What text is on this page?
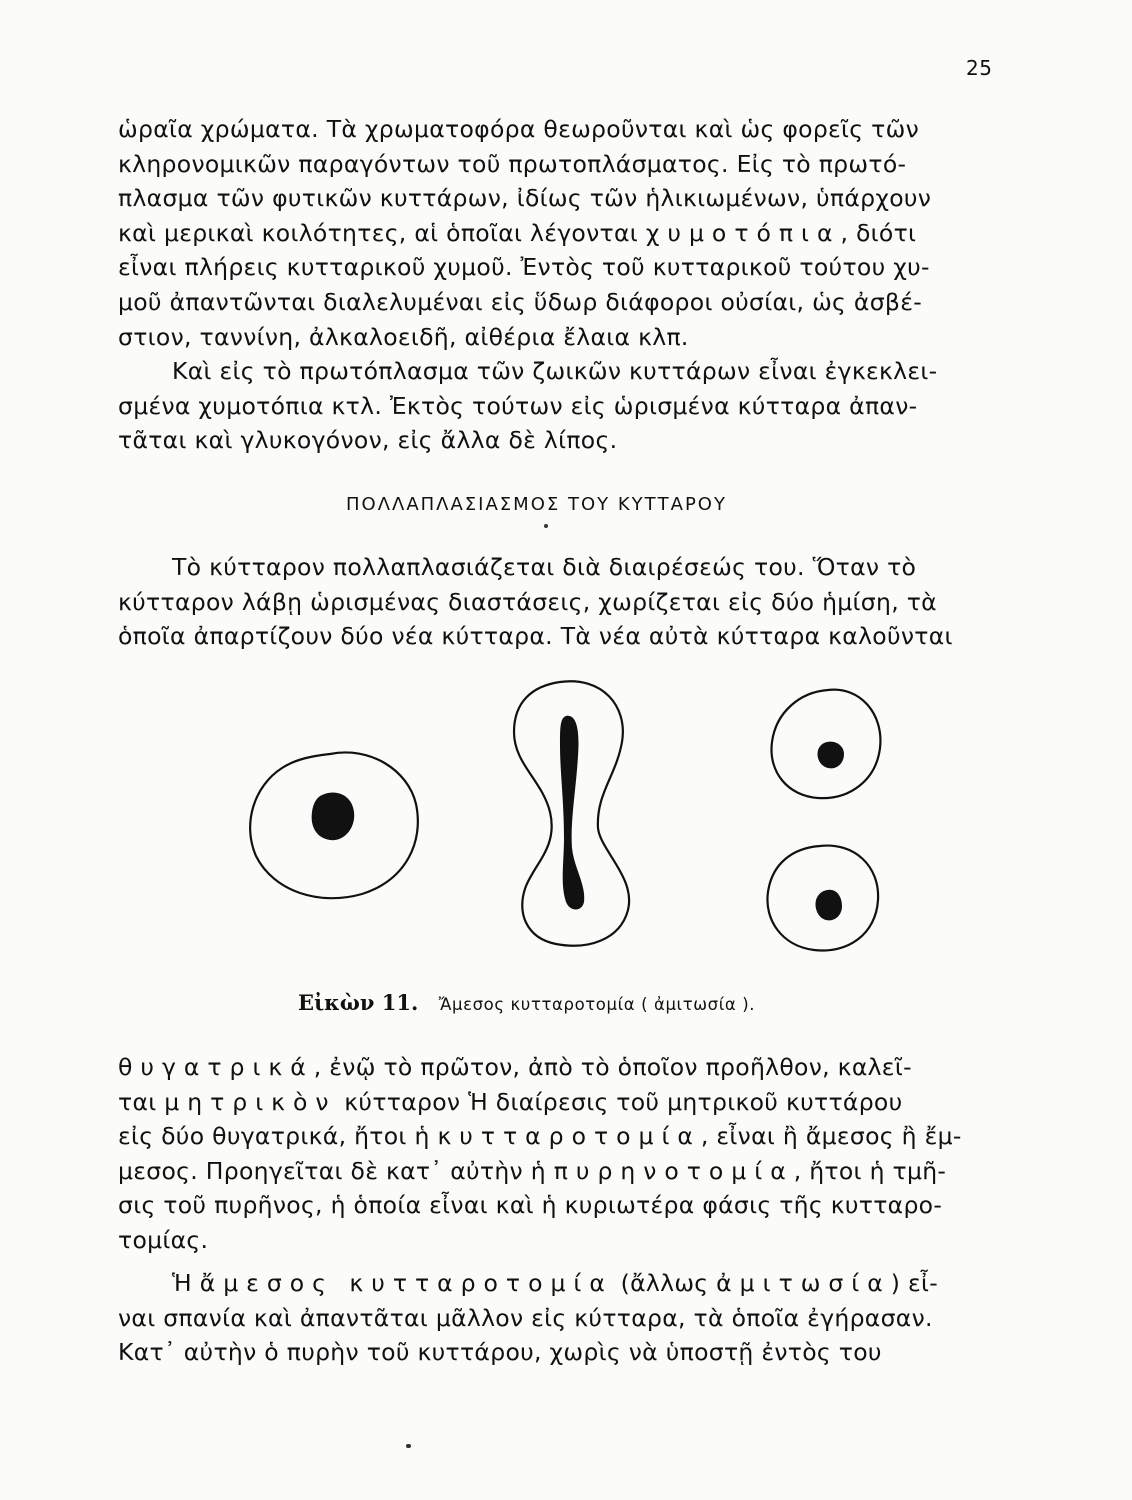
25

ὡραῖα χρώματα. Τὰ χρωματοφόρα θεωροῦνται καὶ ὡς φορεῖς τῶν
κληρονομικῶν παραγόντων τοῦ πρωτοπλάσματος. Εἰς τὸ πρωτό-
πλασμα τῶν φυτικῶν κυττάρων, ἰδίως τῶν ἡλικιωμένων, ὑπάρχουν
καὶ μερικαὶ κοιλότητες, αἱ ὁποῖαι λέγονται χυμοτόπια, διότι
εἶναι πλήρεις κυτταρικοῦ χυμοῦ. Ἐντὸς τοῦ κυτταρικοῦ τούτου χυ-
μοῦ ἀπαντῶνται διαλελυμέναι εἰς ὕδωρ διάφοροι οὐσίαι, ὡς ἀσβέ-
στιον, ταννίνη, ἀλκαλοειδῆ, αἰθέρια ἔλαια κλπ.

Καὶ εἰς τὸ πρωτόπλασμα τῶν ζωικῶν κυττάρων εἶναι ἐγκεκλει-
σμένα χυμοτόπια κτλ. Ἐκτὸς τούτων εἰς ὡρισμένα κύτταρα ἀπαν-
τᾶται καὶ γλυκογόνον, εἰς ἄλλα δὲ λίπος.

ΠΟΛΛΑΠΛΑΣΙΑΣΜΟΣ ΤΟΥ ΚΥΤΤΑΡΟΥ

Τὸ κύτταρον πολλαπλασιάζεται διὰ διαιρέσεώς του. Ὅταν τὸ
κύτταρον λάβῃ ὡρισμένας διαστάσεις, χωρίζεται εἰς δύο ἡμίση, τὰ
ὁποῖα ἀπαρτίζουν δύο νέα κύτταρα. Τὰ νέα αὐτὰ κύτταρα καλοῦνται

Εἰκὼν 11. Ἄμεσος κυτταροτομία ( ἀμιτωσία ).

θυγατρικά, ἐνῷ τὸ πρῶτον, ἀπὸ τὸ ὁποῖον προῆλθον, καλεῖ-
ται μητρικὸν κύτταρον Ἡ διαίρεσις τοῦ μητρικοῦ κυττάρου
εἰς δύο θυγατρικά, ἤτοι ἡ κυτταροτομία, εἶναι ἢ ἄμεσος ἢ ἔμ-
μεσος. Προηγεῖται δὲ κατ᾽ αὐτὴν ἡ πυρηνοτομία, ἤτοι ἡ τμῆ-
σις τοῦ πυρῆνος, ἡ ὁποία εἶναι καὶ ἡ κυριωτέρα φάσις τῆς κυτταρο-
τομίας.

Ἡ ἄμεσος κυτταροτομία (ἄλλως ἀμιτωσία) εἶ-
ναι σπανία καὶ ἀπαντᾶται μᾶλλον εἰς κύτταρα, τὰ ὁποῖα ἐγήρασαν.
Κατ᾽ αὐτὴν ὁ πυρὴν τοῦ κυττάρου, χωρὶς νὰ ὑποστῇ ἐντὸς του
